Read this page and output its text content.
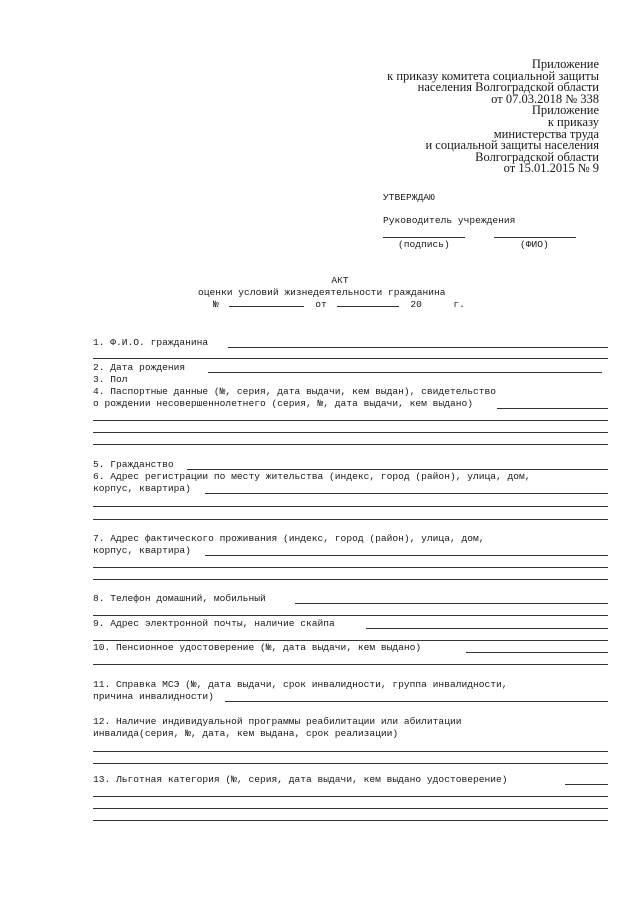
Приложение
к приказу комитета социальной защиты
населения Волгоградской области
от 07.03.2018 № 338
Приложение
к приказу
министерства труда
и социальной защиты населения
Волгоградской области
от 15.01.2015 № 9
УТВЕРЖДАЮ
Руководитель учреждения
(подпись)	(ФИО)
АКТ
оценки условий жизнедеятельности гражданина
№	от	20	г.
1. Ф.И.О. гражданина
2. Дата рождения
3. Пол
4. Паспортные данные (№, серия, дата выдачи, кем выдан), свидетельство
о рождении несовершеннолетнего (серия, №, дата выдачи, кем выдано)
5. Гражданство
6. Адрес регистрации по месту жительства (индекс, город (район), улица, дом,
корпус, квартира)
7. Адрес фактического проживания (индекс, город (район), улица, дом,
корпус, квартира)
8. Телефон домашний, мобильный
9. Адрес электронной почты, наличие скайпа
10. Пенсионное удостоверение (№, дата выдачи, кем выдано)
11. Справка МСЭ (№, дата выдачи, срок инвалидности, группа инвалидности,
причина инвалидности)
12. Наличие индивидуальной программы реабилитации или абилитации
инвалида(серия, №, дата, кем выдана, срок реализации)
13. Льготная категория (№, серия, дата выдачи, кем выдано удостоверение)
